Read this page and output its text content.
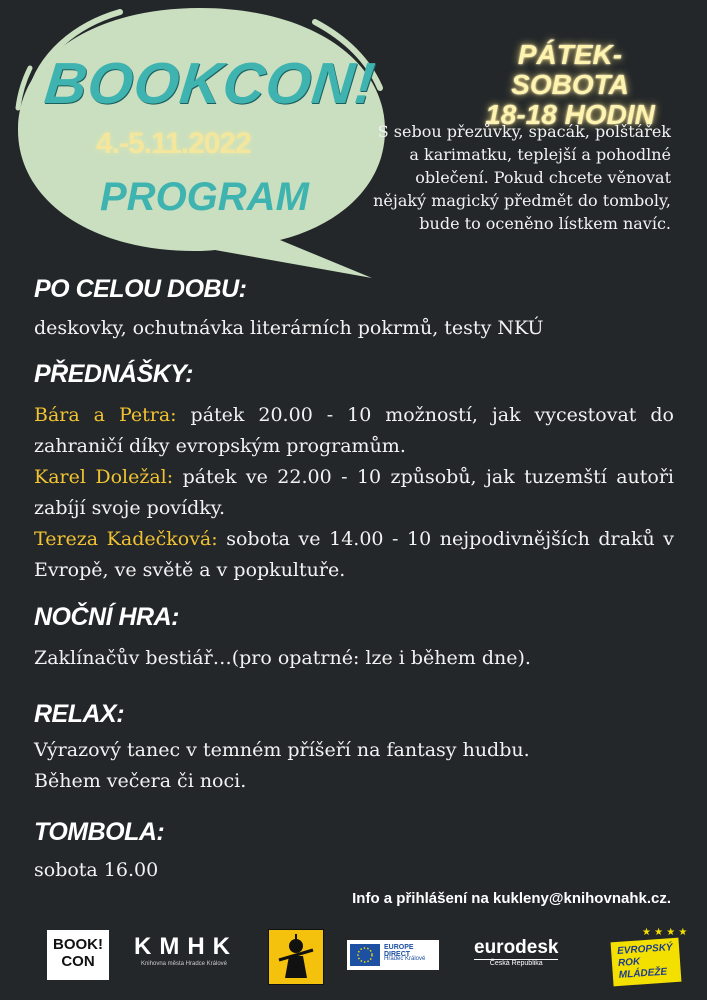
BOOKCON!
4.-5.11.2022
PROGRAM
PÁTEK-SOBOTA
18-18 HODIN
S sebou přezůvky, spacák, polštářek a karimatku, teplejší a pohodlné oblečení. Pokud chcete věnovat nějaký magický předmět do tomboly, bude to oceněno lístkem navíc.
PO CELOU DOBU:
deskovky, ochutnávka literárních pokrmů, testy NKÚ
PŘEDNÁŠKY:
Bára a Petra: pátek 20.00 - 10 možností, jak vycestovat do zahraničí díky evropským programům.
Karel Doležal: pátek ve 22.00 - 10 způsobů, jak tuzemští autoři zabíjí svoje povídky.
Tereza Kadečková: sobota ve 14.00 - 10 nejpodivnějších draků v Evropě, ve světě a v popkultuře.
NOČNÍ HRA:
Zaklínačův bestiář…(pro opatrné: lze i během dne).
RELAX:
Výrazový tanec v temném příšeří na fantasy hudbu.
Během večera či noci.
TOMBOLA:
sobota 16.00
Info a přihlášení na kukleny@knihovnahk.cz.
BOOK!
CON
KMHK
Knihovna města Hradce Králové
EUROPE DIRECT
Hradec Králové
eurodesk
Česká Republika
★ ★ ★ ★
EVROPSKÝ
ROK
MLÁDEŽE
